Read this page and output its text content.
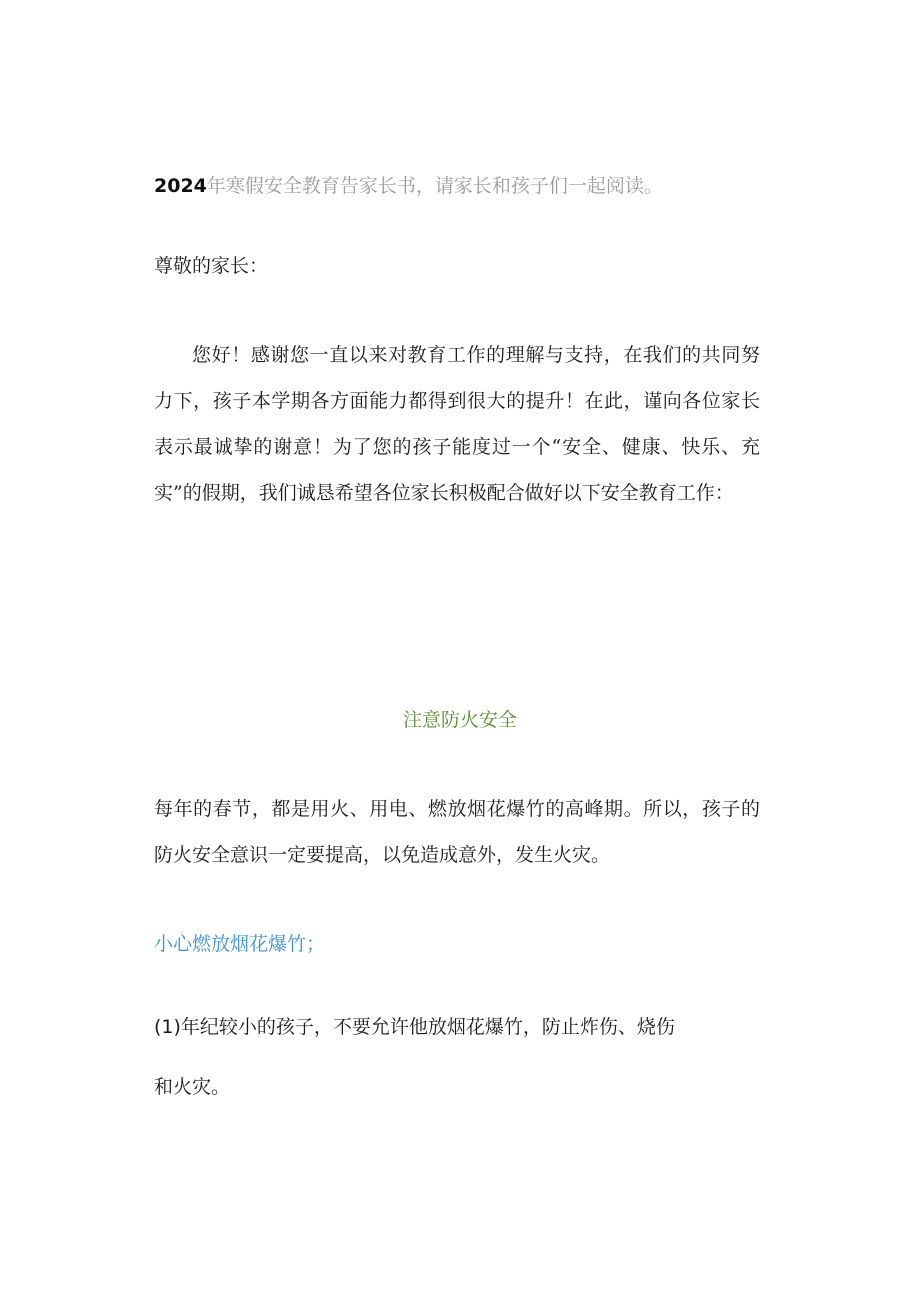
2024年寒假安全教育告家长书，请家长和孩子们一起阅读。
尊敬的家长：
您好！感谢您一直以来对教育工作的理解与支持，在我们的共同努力下，孩子本学期各方面能力都得到很大的提升！在此，谨向各位家长表示最诚挚的谢意！为了您的孩子能度过一个“安全、健康、快乐、充实”的假期，我们诚恳希望各位家长积极配合做好以下安全教育工作：
注意防火安全
每年的春节，都是用火、用电、燃放烟花爆竹的高峰期。所以，孩子的防火安全意识一定要提高，以免造成意外，发生火灾。
小心燃放烟花爆竹；
(1)年纪较小的孩子，不要允许他放烟花爆竹，防止炸伤、烧伤
和火灾。
